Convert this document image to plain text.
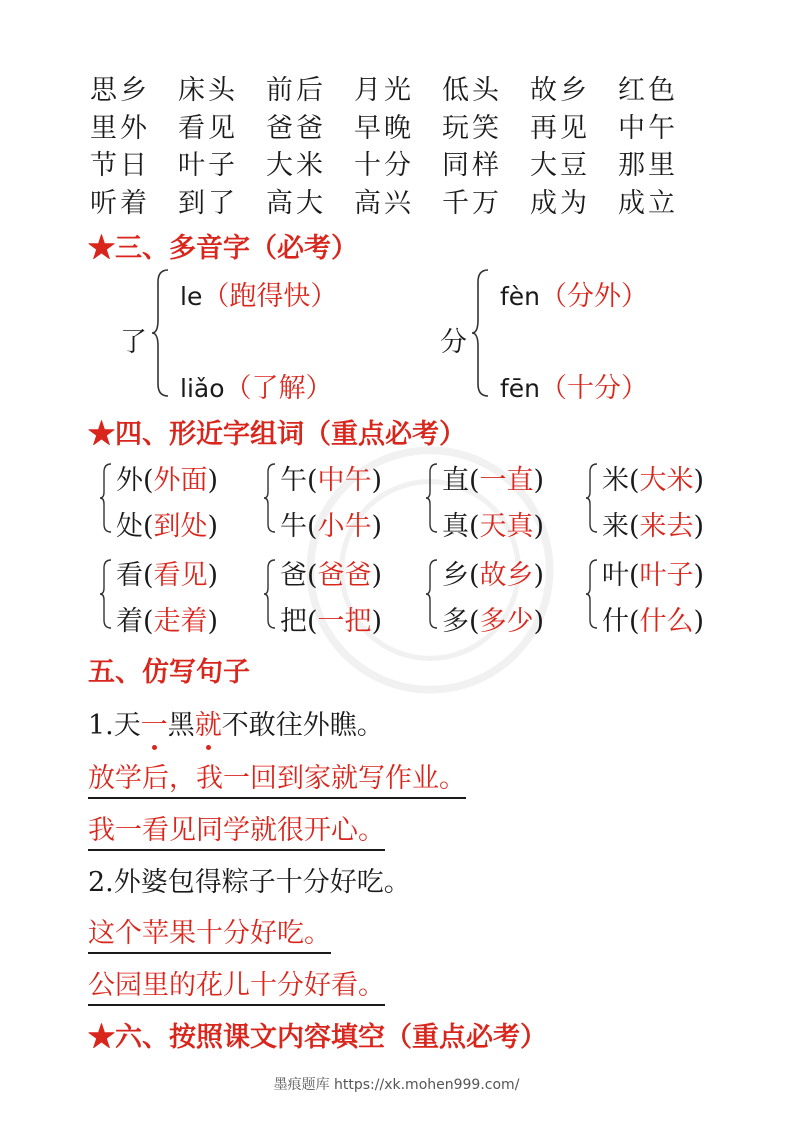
思乡 床头 前后 月光 低头 故乡 红色
里外 看见 爸爸 早晚 玩笑 再见 中午
节日 叶子 大米 十分 同样 大豆 那里
听着 到了 高大 高兴 千万 成为 成立
★三、多音字（必考）
了
le（跑得快）
liǎo（了解）
分
fèn（分外）
fēn（十分）
★四、形近字组词（重点必考）
外(外面)
处(到处)
午(中午)
牛(小牛)
直(一直)
真(天真)
米(大米)
来(来去)
看(看见)
着(走着)
爸(爸爸)
把(一把)
乡(故乡)
多(多少)
叶(叶子)
什(什么)
五、仿写句子
1.天一黑就不敢往外瞧。
放学后，我一回到家就写作业。
我一看见同学就很开心。
2.外婆包得粽子十分好吃。
这个苹果十分好吃。
公园里的花儿十分好看。
★六、按照课文内容填空（重点必考）
墨痕题库 https://xk.mohen999.com/
